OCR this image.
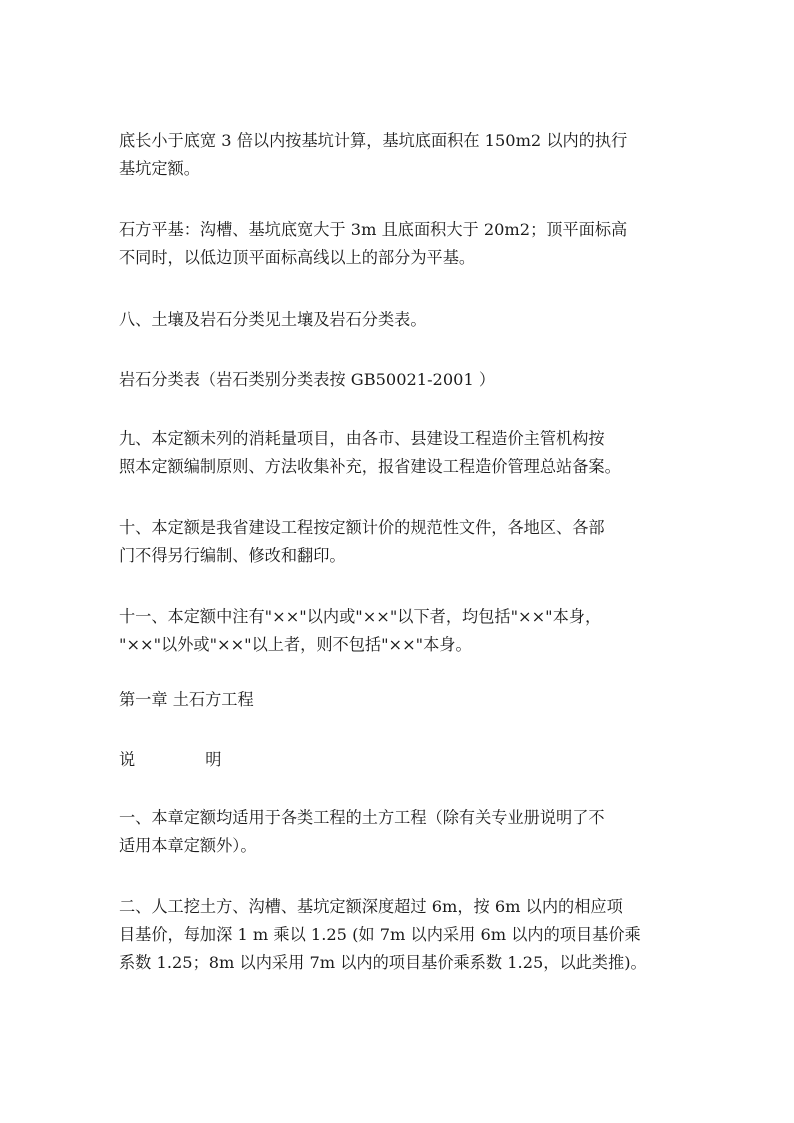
底长小于底宽 3 倍以内按基坑计算，基坑底面积在 150m2 以内的执行
基坑定额。

石方平基：沟槽、基坑底宽大于 3m 且底面积大于 20m2；顶平面标高
不同时，以低边顶平面标高线以上的部分为平基。

八、土壤及岩石分类见土壤及岩石分类表。

岩石分类表（岩石类别分类表按 GB50021-2001 ）

九、本定额未列的消耗量项目，由各市、县建设工程造价主管机构按
照本定额编制原则、方法收集补充，报省建设工程造价管理总站备案。

十、本定额是我省建设工程按定额计价的规范性文件，各地区、各部
门不得另行编制、修改和翻印。

十一、本定额中注有"××"以内或"××"以下者，均包括"××"本身，
"××"以外或"××"以上者，则不包括"××"本身。

第一章 土石方工程

说	明

一、本章定额均适用于各类工程的土方工程（除有关专业册说明了不
适用本章定额外）。

二、人工挖土方、沟槽、基坑定额深度超过 6m，按 6m 以内的相应项
目基价，每加深 1 m 乘以 1.25 (如 7m 以内采用 6m 以内的项目基价乘
系数 1.25；8m 以内采用 7m 以内的项目基价乘系数 1.25，以此类推)。
